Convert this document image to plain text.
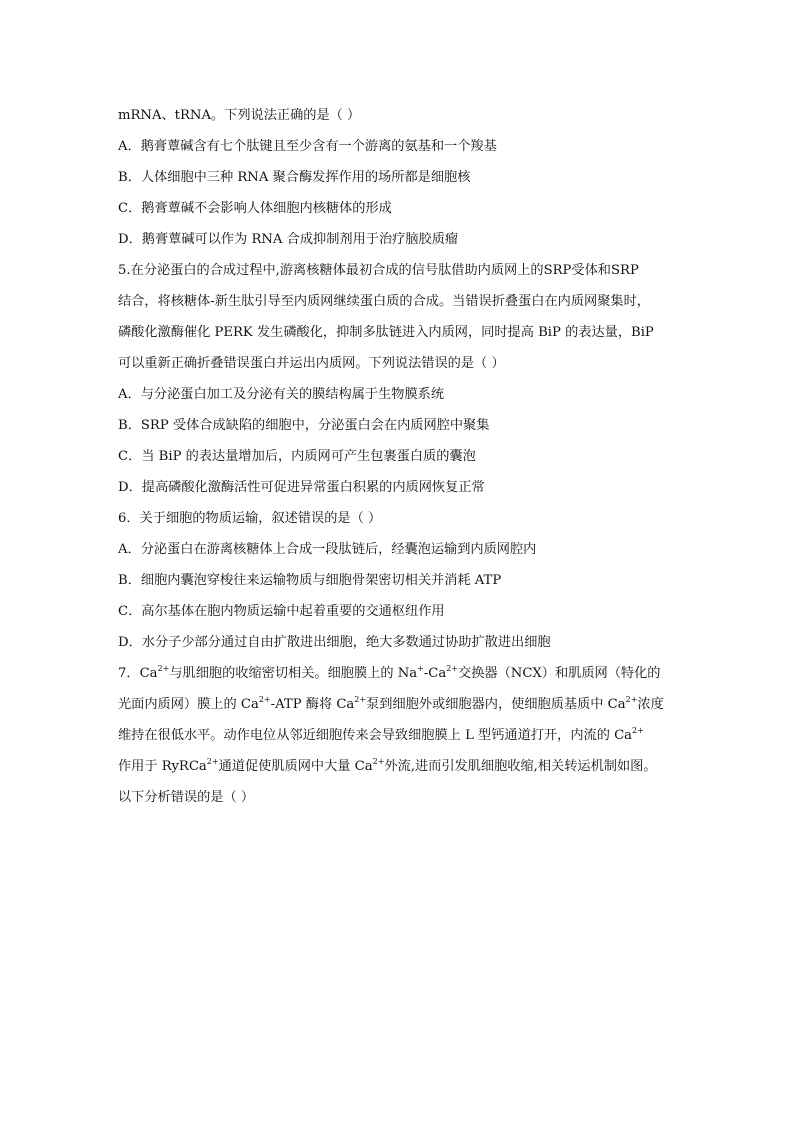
mRNA、tRNA。下列说法正确的是（ ）
A．鹅膏蕈碱含有七个肽键且至少含有一个游离的氨基和一个羧基
B．人体细胞中三种 RNA 聚合酶发挥作用的场所都是细胞核
C．鹅膏蕈碱不会影响人体细胞内核糖体的形成
D．鹅膏蕈碱可以作为 RNA 合成抑制剂用于治疗脑胶质瘤
5.在分泌蛋白的合成过程中,游离核糖体最初合成的信号肽借助内质网上的SRP受体和SRP
结合，将核糖体-新生肽引导至内质网继续蛋白质的合成。当错误折叠蛋白在内质网聚集时，
磷酸化激酶催化 PERK 发生磷酸化，抑制多肽链进入内质网，同时提高 BiP 的表达量，BiP
可以重新正确折叠错误蛋白并运出内质网。下列说法错误的是（ ）
A．与分泌蛋白加工及分泌有关的膜结构属于生物膜系统
B．SRP 受体合成缺陷的细胞中，分泌蛋白会在内质网腔中聚集
C．当 BiP 的表达量增加后，内质网可产生包裹蛋白质的囊泡
D．提高磷酸化激酶活性可促进异常蛋白积累的内质网恢复正常
6．关于细胞的物质运输，叙述错误的是（ ）
A．分泌蛋白在游离核糖体上合成一段肽链后，经囊泡运输到内质网腔内
B．细胞内囊泡穿梭往来运输物质与细胞骨架密切相关并消耗 ATP
C．高尔基体在胞内物质运输中起着重要的交通枢纽作用
D．水分子少部分通过自由扩散进出细胞，绝大多数通过协助扩散进出细胞
7．$Ca^{2+}$与肌细胞的收缩密切相关。细胞膜上的 $Na^+-Ca^{2+}$交换器（NCX）和肌质网（特化的
光面内质网）膜上的 $Ca^{2+}$-ATP 酶将 $Ca^{2+}$泵到细胞外或细胞器内，使细胞质基质中 $Ca^{2+}$浓度
维持在很低水平。动作电位从邻近细胞传来会导致细胞膜上 L 型钙通道打开，内流的 $Ca^{2+}$
作用于 RyRCa$^{2+}$通道促使肌质网中大量 $Ca^{2+}$外流,进而引发肌细胞收缩,相关转运机制如图。
以下分析错误的是（ ）
